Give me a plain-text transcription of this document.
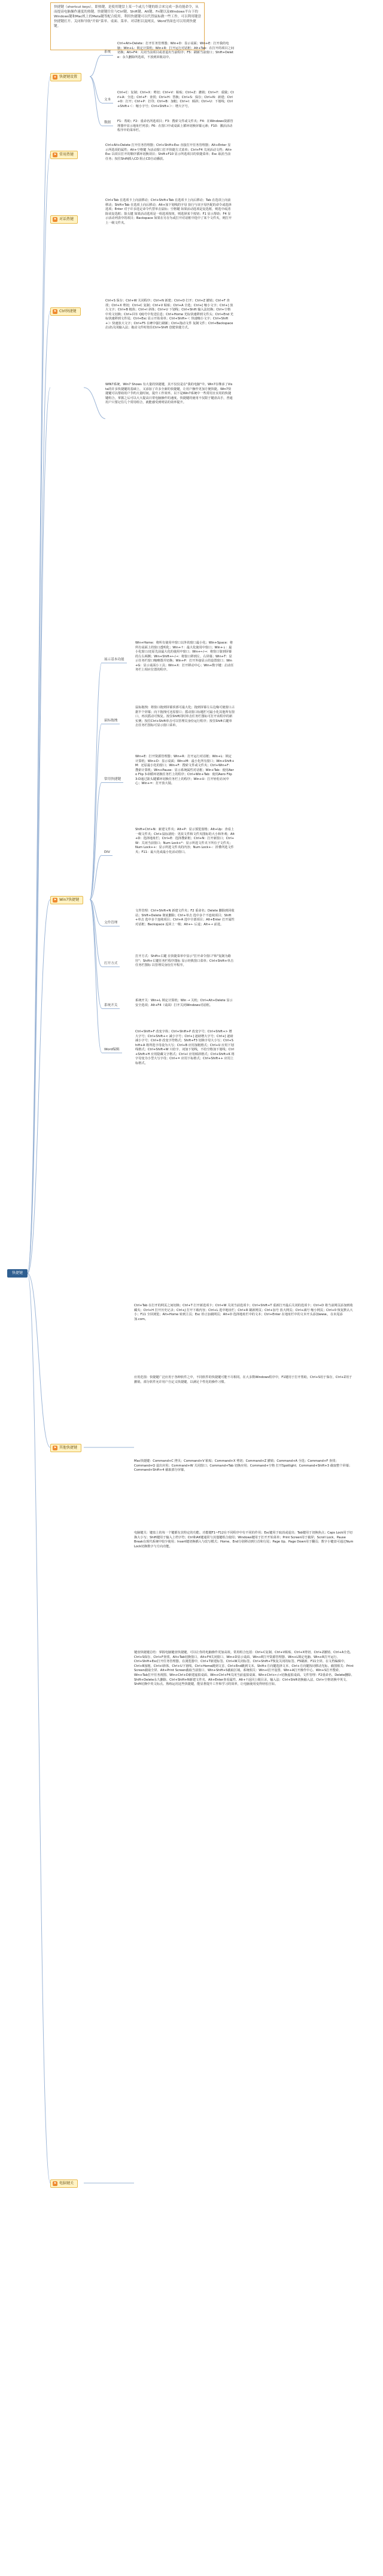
快捷键（shortcut keys），即热键，是使用键盘上某一个或几个键的组合来完成一条功能命令，从而提高电脑操作速度的热键。快捷键往往与Ctrl键、Shift键、Alt键、Fn键以及Windows平台下的Windows键和Mac机上的Meta键等配合使用。利用快捷键可以代替鼠标做一些工作，可以利用键盘快捷键打开、关闭和导航"开始"菜单、桌面、菜单、对话框以及网页，Word里面也可以用到快捷键。
快捷键
★ 快捷键设置
系统
Ctrl+Alt+Delete：打开任务管理器；Win+D：显示桌面；Win+E：打开我的电脑；Win+L：锁定计算机；Win+R：打开运行对话框；Alt+Tab：在打开的项目之间切换；Alt+F4：关闭当前项目或者退出当前程序；F5：刷新当前窗口；Shift+Delete：永久删除所选项，不放到回收站中。
文本
Ctrl+C：复制；Ctrl+X：剪切；Ctrl+V：粘贴；Ctrl+Z：撤销；Ctrl+Y：重做；Ctrl+A：全选；Ctrl+F：查找；Ctrl+H：替换；Ctrl+S：保存；Ctrl+N：新建；Ctrl+O：打开；Ctrl+P：打印；Ctrl+B：加粗；Ctrl+I：倾斜；Ctrl+U：下划线；Ctrl+Shift+＜：缩小字号；Ctrl+Shift+＞：增大字号。
数据	F1：帮助；F2：重命名所选项目；F3：搜索文件或文件夹；F4：在Windows资源管理器中显示地址栏列表；F6：在窗口中或桌面上循环切换屏幕元素；F10：激活活动程序中的菜单栏。
⚑ 常用热键
Ctrl+Alt+Delete 打开任务管理器；Ctrl+Shift+Esc 直接打开任务管理器；Alt+Enter 显示所选项的属性；Alt+空格键 为活动窗口打开快捷方式菜单；Ctrl+F4 关闭活动文档；Alt+Esc 以项目打开的顺序循环切换项目；Shift+F10 显示所选项目的快捷菜单；Esc 取消当前任务；按住Shift插入CD 阻止CD自动播放。
⚑ 对话热键
Ctrl+Tab 在选项卡上向前移动；Ctrl+Shift+Tab 在选项卡上向后移动；Tab 在选项上向前移动；Shift+Tab 在选项上向后移动；Alt+加下划线的字母 执行与该字母匹配的命令或选择选项；Enter 对于许多选定命令代替单击鼠标；空格键 如果活动选项是复选框，则选中或清除该复选框；箭头键 如果活动选项是一组选项按钮，则选择某个按钮；F1 显示帮助；F4 显示活动列表中的项目；Backspace 如果在另存为或打开对话框中选中了某个文件夹，则打开上一级文件夹。
⚑ Ctrl快捷键
Ctrl+S 保存；Ctrl+W 关闭程序；Ctrl+N 新建；Ctrl+O 打开；Ctrl+Z 撤销；Ctrl+F 查找；Ctrl+X 剪切；Ctrl+C 复制；Ctrl+V 粘贴；Ctrl+A 全选；Ctrl+[ 缩小文字；Ctrl+] 放大文字；Ctrl+B 粗体；Ctrl+I 斜体；Ctrl+U 下划线；Ctrl+Shift 输入法切换；Ctrl+空格 中英文切换；Ctrl+回车 QQ号中发送信息；Ctrl+Home 光标快速移到文件头；Ctrl+End 光标快速移到文件尾；Ctrl+Esc 显示开始菜单；Ctrl+Shift+＜ 快速缩小文字；Ctrl+Shift+＞ 快速放大文字；Ctrl+F5 在IE中强行刷新；Ctrl+拖动文件 复制文件；Ctrl+Backspace 启动\关闭输入法；拖动文件时按住Ctrl+Shift 创建快捷方式。
WIN7系统，Win7 Shows 有大量的快捷键，其不仅仅是在"我的电脑"中。Win7在继承了Vista的许多快捷键的基础上，又添加了许多全新的快捷键，让用户操作更加方便快捷。Win7快捷键可以帮助用户节约大量时间，提升工作效率。以下是Win7系统中一些常用且实用的快捷键组合，掌握之后可以大大提高日常电脑操作的速度。快捷键的使用不仅限于键盘高手，普通用户只要记住几个常用组合，就能感受到明显的效率提升。
⚑ Win7快捷键
展示基本功能
Win+Home：将所有使用中窗口以外的窗口最小化；Win+Space：将所有桌面上的窗口透明化；Win+↑：最大化使用中窗口；Win+↓：最小化窗口/还原先前最大化的使用中窗口；Win+←/→：将窗口靠到屏幕的左右两侧；Win+Shift+←/→：将窗口移到左、右屏幕；Win+T：显示任务栏窗口缩略图并切换；Win+P：打开外接显示的设置窗口；Win+G：显示桌面小工具；Win+X：打开移动中心；Win+数字键：启动任务栏上相应位置的程序。
鼠标拖拽
鼠标拖拽：将窗口拖到屏幕顶部可最大化；拖到屏幕左右边缘可使窗口占据半个屏幕；向下拖拽可还原窗口；摇动窗口标题栏可最小化其他所有窗口，再次摇动可恢复。按住Shift同时单击任务栏图标可打开该程序的新实例；按住Ctrl+Shift单击可以管理员身份运行程序；按住Shift右键单击任务栏图标可显示窗口菜单。
常用快捷键
Win+E：打开资源管理器；Win+R：打开运行对话框；Win+L：锁定计算机；Win+D：显示桌面；Win+M：最小化所有窗口；Win+Shift+M：还原最小化的窗口；Win+F：搜索文件或文件夹；Ctrl+Win+F：搜索计算机；Win+Pause：显示系统属性对话框；Win+Tab：使用Aero Flip 3-D循环切换任务栏上的程序；Ctrl+Win+Tab：使用Aero Flip 3-D通过箭头键循环切换任务栏上的程序；Win+U：打开轻松访问中心；Win+=：打开放大镜。
DIV
Shift+Ctrl+N：新建文件夹；Alt+P：显示预览窗格；Alt+Up：查看上一级文件夹；Ctrl+鼠标滚轮：更改文件和文件夹图标的大小和外观；Alt+D：选择地址栏；Ctrl+E：选择搜索框；Ctrl+N：打开新窗口；Ctrl+W：关闭当前窗口；Num Lock+*：显示所选文件夹下所有子文件夹；Num Lock++：显示所选文件夹的内容；Num Lock+-：折叠所选文件夹；F11：最大化或最小化活动窗口。
文件管理
文件管理：Ctrl+Shift+N 新建文件夹；F2 重命名；Delete 删除到回收站；Shift+Delete 彻底删除；Ctrl+单击 选中多个不连续项目；Shift+单击 选中多个连续项目；Ctrl+A 选中全部项目；Alt+Enter 打开属性对话框；Backspace 返回上一级；Alt+← 后退；Alt+→ 前进。
打开方式
打开方式：Shift+右键 在快捷菜单中显示"打开命令窗口"和"复制为路径"；Shift+右键任务栏程序图标 显示经典窗口菜单；Ctrl+Shift+单击任务栏图标 以管理员身份打开程序。
系统开关
系统开关：Win+L 锁定计算机；Win → 关机；Ctrl+Alt+Delete 显示安全选项；Alt+F4（桌面）打开关闭Windows对话框。
Word编辑
Ctrl+Shift+F 改变字体；Ctrl+Shift+P 改变字号；Ctrl+Shift+> 增大字号；Ctrl+Shift+< 减小字号；Ctrl+] 逐磅增大字号；Ctrl+[ 逐磅减小字号；Ctrl+D 改变字符格式；Shift+F3 切换字母大小写；Ctrl+Shift+A 将所选字母设为大写；Ctrl+B 应用加粗格式；Ctrl+U 应用下划线格式；Ctrl+Shift+W 只给字、词加下划线，不给空格加下划线；Ctrl+Shift+H 应用隐藏文字格式；Ctrl+I 应用倾斜格式；Ctrl+Shift+K 将字母变为小型大写字母；Ctrl+= 应用下标格式；Ctrl+Shift++ 应用上标格式。
⚑ 其他快捷键
Ctrl+Tab 在打开的网页之间切换；Ctrl+T 打开新选项卡；Ctrl+W 关闭当前选项卡；Ctrl+Shift+T 重新打开最后关闭的选项卡；Ctrl+D 将当前网页添加到收藏夹；Ctrl+H 打开历史记录；Ctrl+J 打开下载内容；Ctrl+L 选中地址栏；Ctrl+R 刷新网页；Ctrl+加号 放大网页；Ctrl+减号 缩小网页；Ctrl+0 恢复默认大小；F11 全屏浏览；Alt+Home 转到主页；Esc 停止加载网页；Alt+D 选择地址栏中的文本；Ctrl+Enter 在地址栏中的文本开头添加www.，在末尾添加.com。
应用范围：快捷键广泛应用于各种软件之中，不同软件的快捷键可能不尽相同。在大多数Windows程序中，F1键用于打开帮助，Ctrl+S用于保存，Ctrl+Z用于撤销。部分软件允许用户自定义快捷键，以满足个性化的操作习惯。
Mac快捷键：Command+C 拷贝；Command+V 粘贴；Command+X 剪切；Command+Z 撤销；Command+A 全选；Command+F 查找；Command+Q 退出应用；Command+W 关闭窗口；Command+Tab 切换应用；Command+空格 打开Spotlight；Command+Shift+3 截取整个屏幕；Command+Shift+4 截取部分屏幕。
⚑ 电脑键关
电脑键关：键盘上的每一个键都有其特定的功能。功能键F1~F12在不同程序中有不同的作用；Esc键用于取消或退出；Tab键用于切换焦点；Caps Lock用于切换大小写；Shift键用于输入上档字符；Ctrl和Alt键通常与其他键组合使用；Windows键用于打开开始菜单；Print Screen用于截屏；Scroll Lock、Pause Break在现代系统中较少使用；Insert键切换插入与改写模式；Home、End分别移动到行首和行尾；Page Up、Page Down用于翻页；数字小键盘可通过Num Lock切换数字与方向功能。
键盘快捷键总结：掌握电脑键盘快捷键，可以让你的电脑操作更加高效。常用组合包括：Ctrl+C复制、Ctrl+V粘贴、Ctrl+X剪切、Ctrl+Z撤销、Ctrl+A全选、Ctrl+S保存、Ctrl+F查找、Alt+Tab切换窗口、Alt+F4关闭窗口、Win+D显示桌面、Win+E打开资源管理器、Win+L锁定电脑、Win+R打开运行、Ctrl+Shift+Esc打开任务管理器。在浏览器中，Ctrl+T新建标签、Ctrl+W关闭标签、Ctrl+Shift+T恢复关闭的标签、F5刷新、F11全屏。在文档编辑中，Ctrl+B加粗、Ctrl+I斜体、Ctrl+U下划线、Ctrl+Home跳到文首、Ctrl+End跳到文末、Shift+方向键选择文本、Ctrl+方向键按词移动光标。截图相关：Print Screen截取全屏、Alt+Print Screen截取当前窗口、Win+Shift+S截取区域。系统相关：Win+I打开设置、Win+A打开操作中心、Win+S打开搜索、Win+Tab打开任务视图、Win+Ctrl+D新建虚拟桌面、Win+Ctrl+F4关闭当前虚拟桌面、Win+Ctrl+←/→切换虚拟桌面。文件管理：F2重命名、Delete删除、Shift+Delete永久删除、Ctrl+Shift+N新建文件夹、Alt+Enter查看属性、Alt+↑返回上级目录。输入法：Ctrl+Shift切换输入法、Ctrl+空格切换中英文、Shift切换中英文标点。熟练运用这些快捷键，能显著提升工作和学习的效率，让电脑使用变得轻松自如。
